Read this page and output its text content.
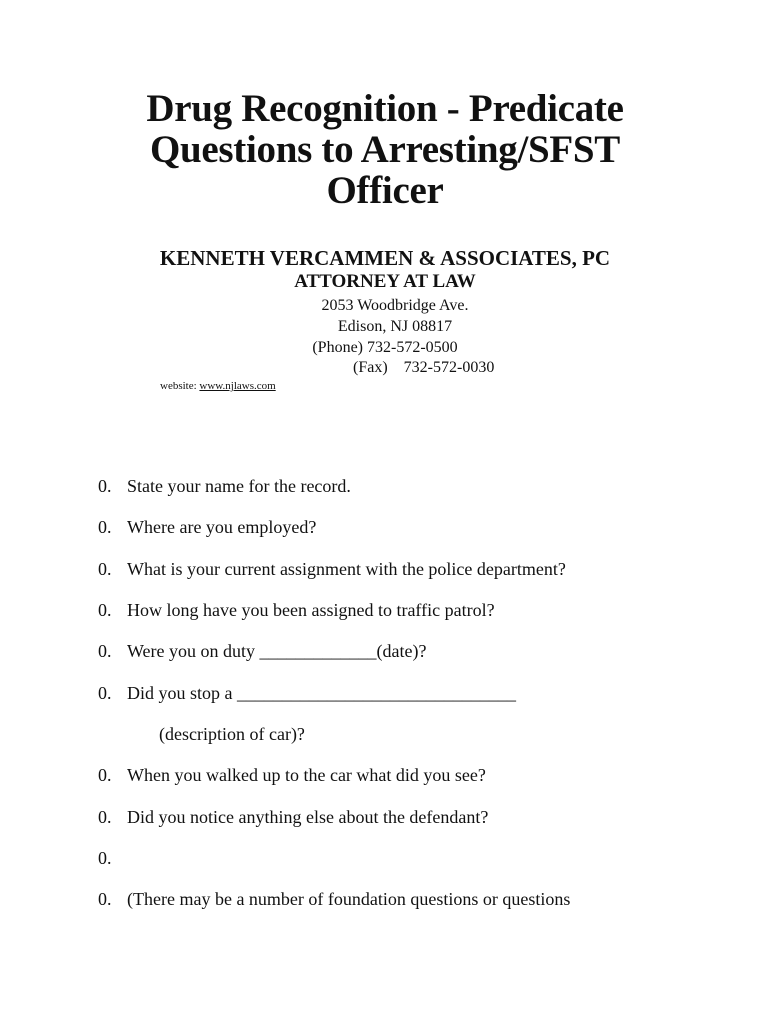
Drug Recognition - Predicate
Questions to Arresting/SFST
Officer
KENNETH VERCAMMEN & ASSOCIATES, PC
ATTORNEY AT LAW
2053 Woodbridge Ave.
Edison, NJ 08817
(Phone) 732-572-0500
(Fax)    732-572-0030
website: www.njlaws.com
0. State your name for the record.
0. Where are you employed?
0. What is your current assignment with the police department?
0. How long have you been assigned to traffic patrol?
0. Were you on duty _____________(date)?
0. Did you stop a _______________________________
(description of car)?
0. When you walked up to the car what did you see?
0. Did you notice anything else about the defendant?
0.
0. (There may be a number of foundation questions or questions
